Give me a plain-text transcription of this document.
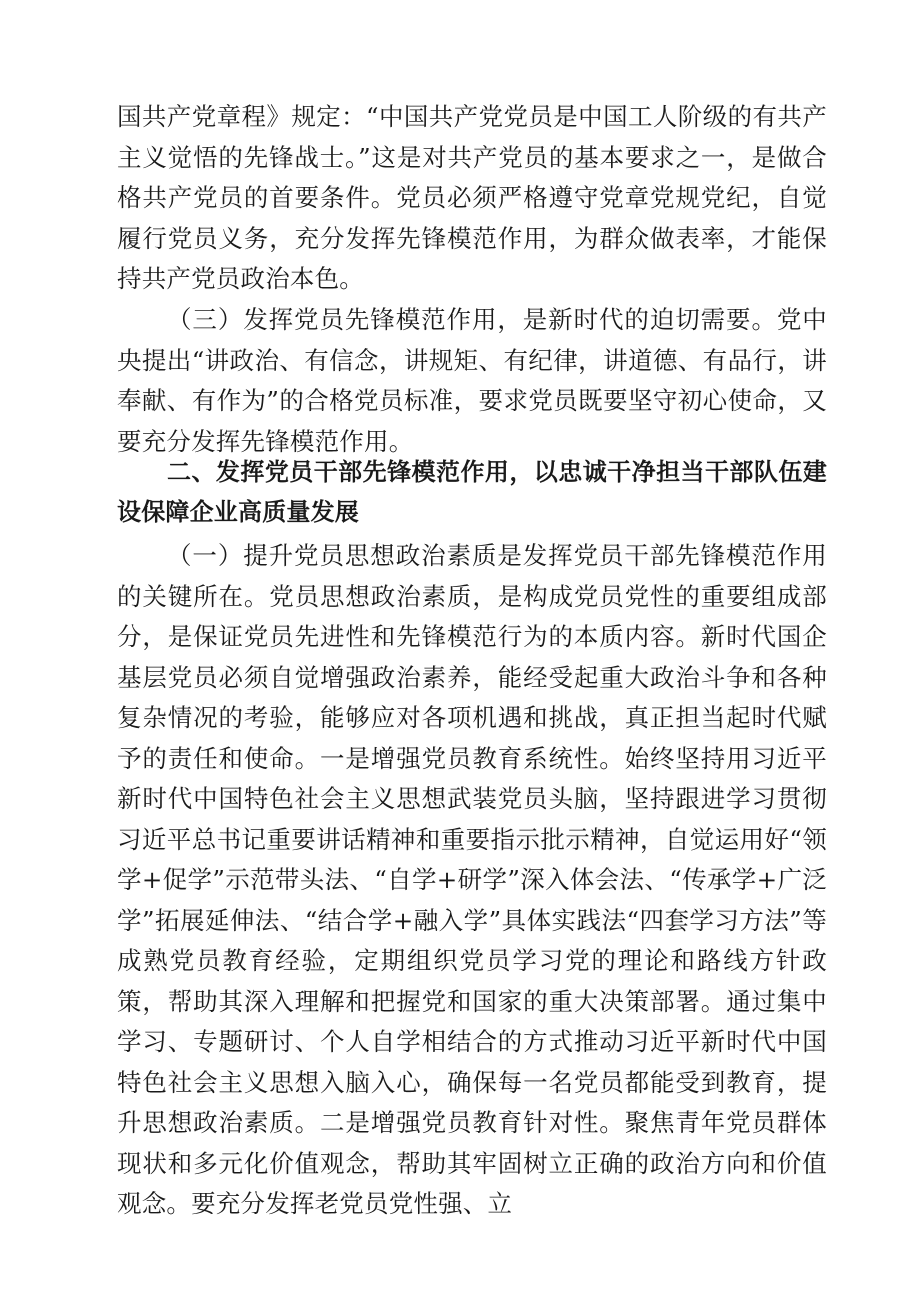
国共产党章程》规定：“中国共产党党员是中国工人阶级的有共产主义觉悟的先锋战士。”这是对共产党员的基本要求之一，是做合格共产党员的首要条件。党员必须严格遵守党章党规党纪，自觉履行党员义务，充分发挥先锋模范作用，为群众做表率，才能保持共产党员政治本色。

（三）发挥党员先锋模范作用，是新时代的迫切需要。党中央提出“讲政治、有信念，讲规矩、有纪律，讲道德、有品行，讲奉献、有作为”的合格党员标准，要求党员既要坚守初心使命，又要充分发挥先锋模范作用。

二、发挥党员干部先锋模范作用，以忠诚干净担当干部队伍建设保障企业高质量发展

（一）提升党员思想政治素质是发挥党员干部先锋模范作用的关键所在。党员思想政治素质，是构成党员党性的重要组成部分，是保证党员先进性和先锋模范行为的本质内容。新时代国企基层党员必须自觉增强政治素养，能经受起重大政治斗争和各种复杂情况的考验，能够应对各项机遇和挑战，真正担当起时代赋予的责任和使命。一是增强党员教育系统性。始终坚持用习近平新时代中国特色社会主义思想武装党员头脑，坚持跟进学习贯彻习近平总书记重要讲话精神和重要指示批示精神，自觉运用好“领学+促学”示范带头法、“自学+研学”深入体会法、“传承学+广泛学”拓展延伸法、“结合学+融入学”具体实践法“四套学习方法”等成熟党员教育经验，定期组织党员学习党的理论和路线方针政策，帮助其深入理解和把握党和国家的重大决策部署。通过集中学习、专题研讨、个人自学相结合的方式推动习近平新时代中国特色社会主义思想入脑入心，确保每一名党员都能受到教育，提升思想政治素质。二是增强党员教育针对性。聚焦青年党员群体现状和多元化价值观念，帮助其牢固树立正确的政治方向和价值观念。要充分发挥老党员党性强、立
